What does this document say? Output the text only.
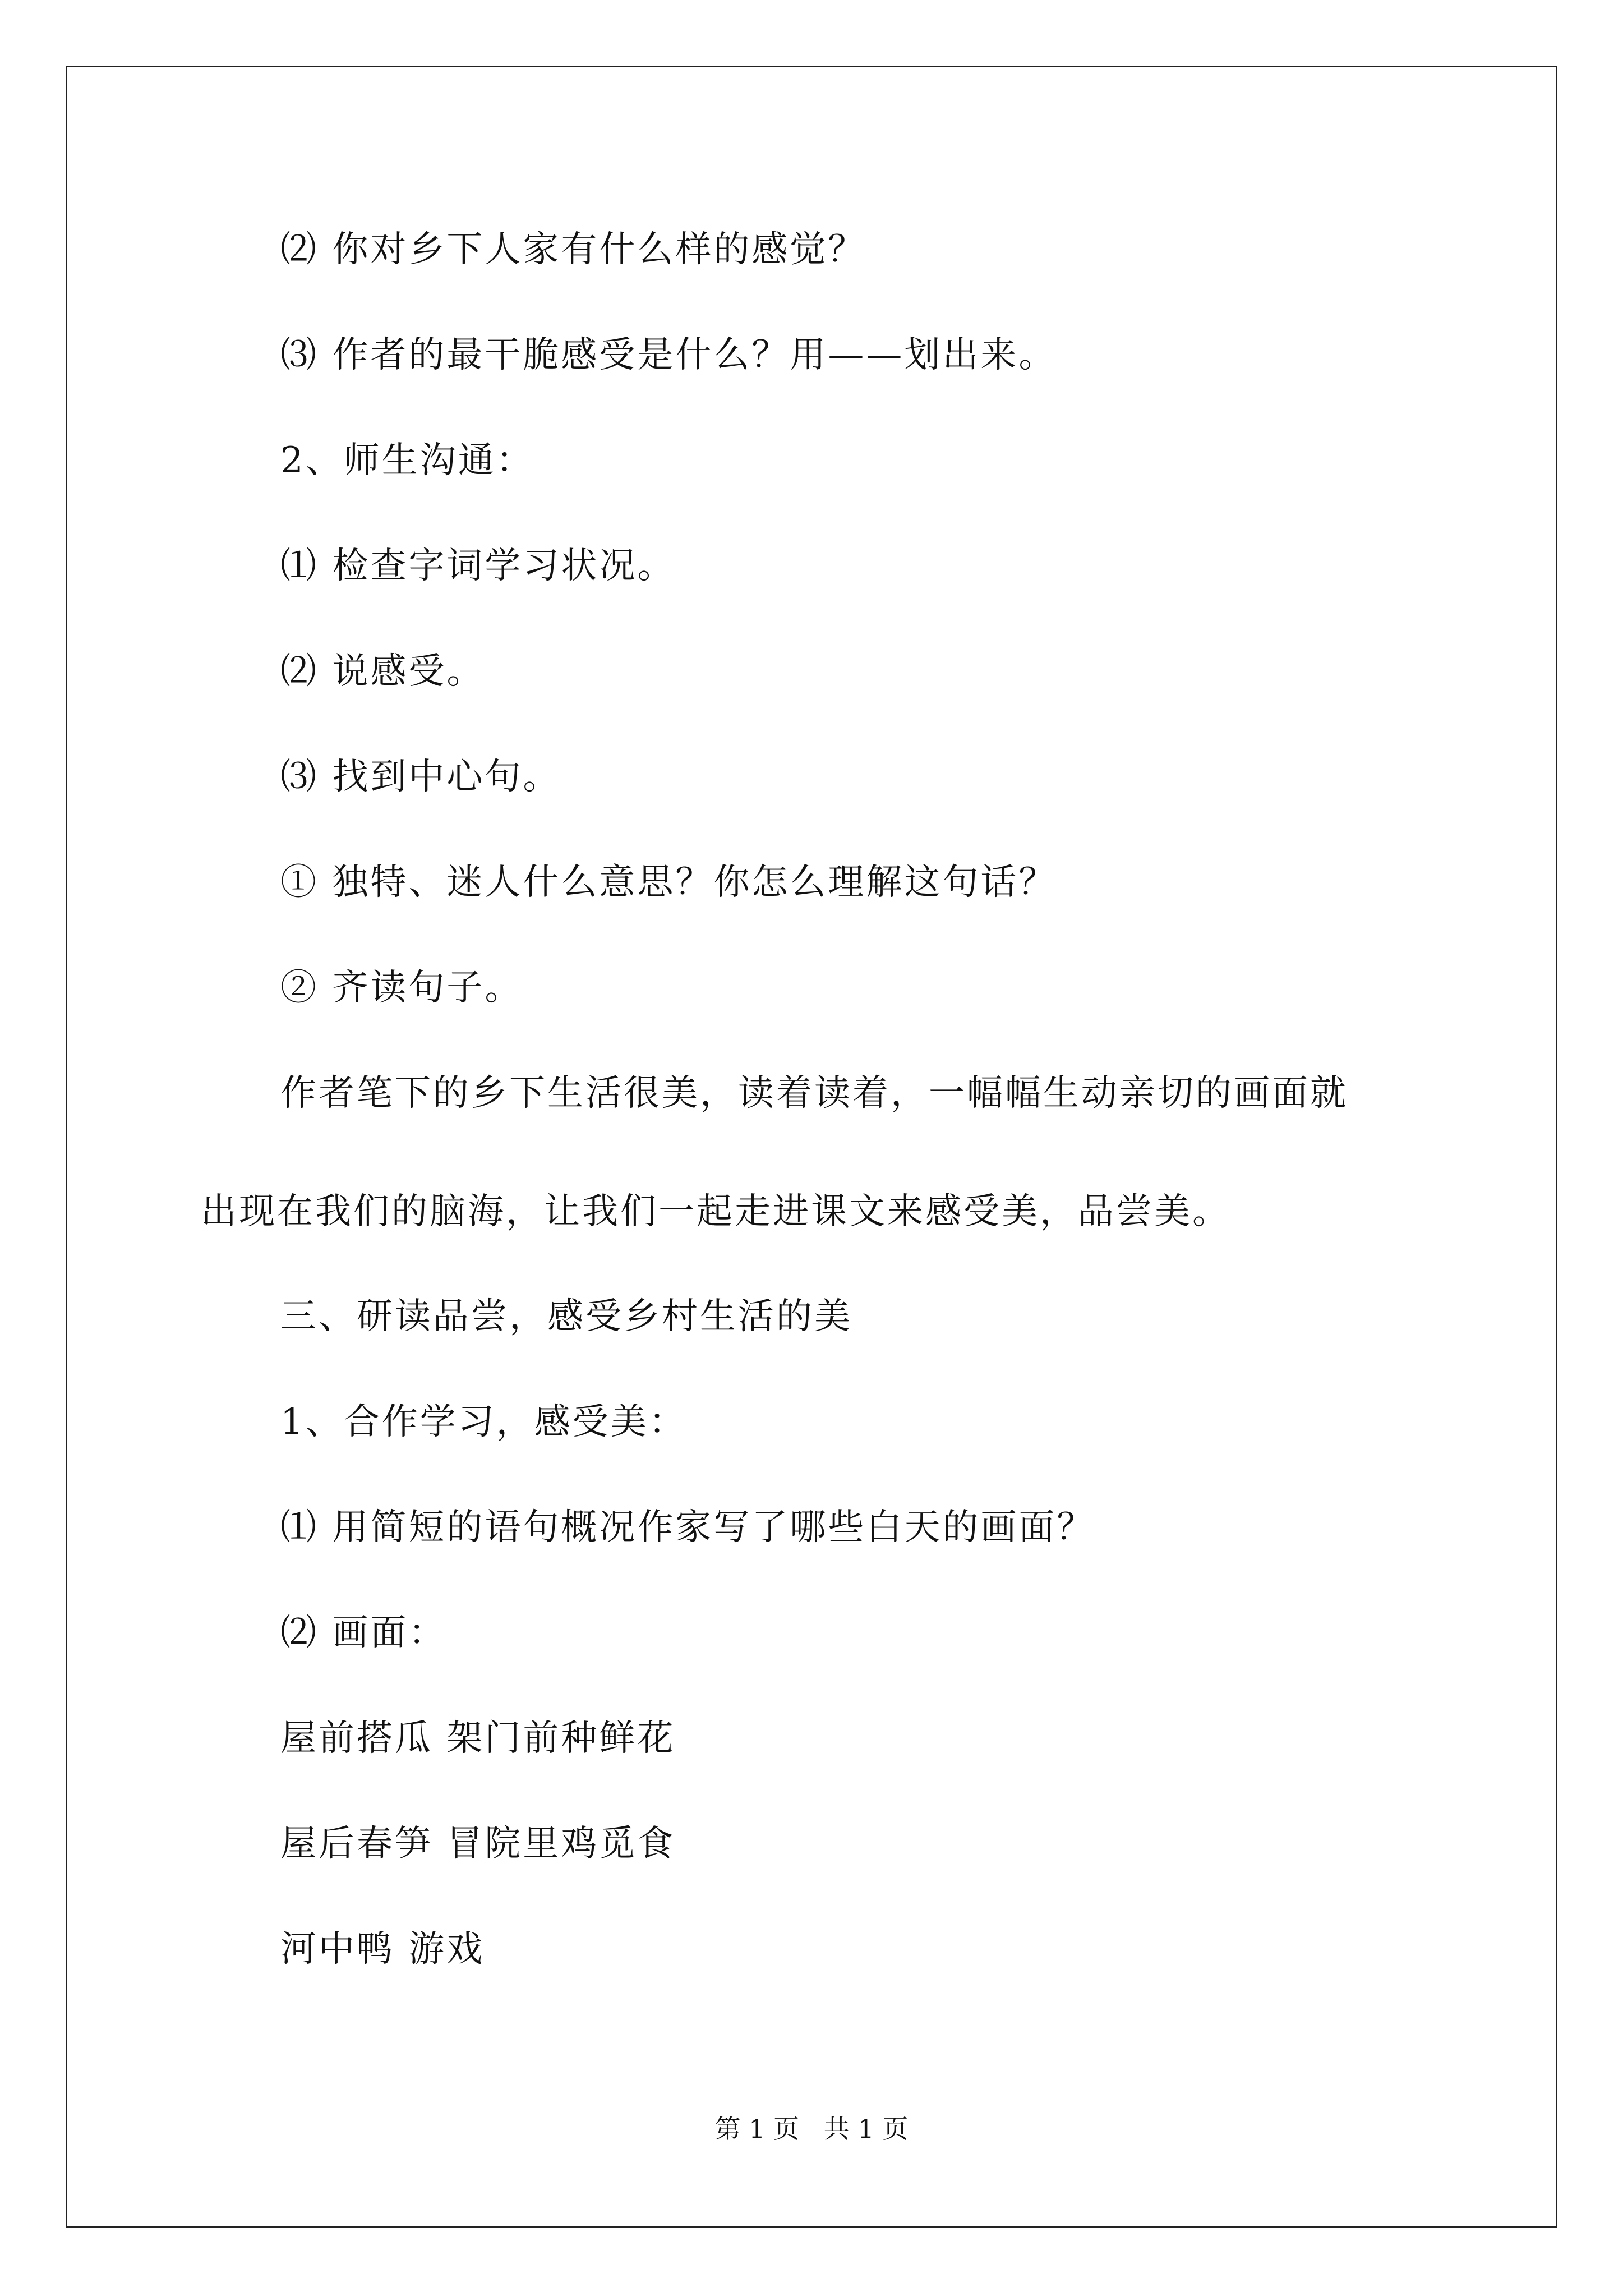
⑵ 你对乡下人家有什么样的感觉？
⑶ 作者的最干脆感受是什么？用——划出来。
2、师生沟通：
⑴ 检查字词学习状况。
⑵ 说感受。
⑶ 找到中心句。
① 独特、迷人什么意思？你怎么理解这句话？
② 齐读句子。
作者笔下的乡下生活很美，读着读着，一幅幅生动亲切的画面就
出现在我们的脑海，让我们一起走进课文来感受美，品尝美。
三、研读品尝，感受乡村生活的美
1、合作学习，感受美：
⑴ 用简短的语句概况作家写了哪些白天的画面？
⑵ 画面：
屋前搭瓜 架门前种鲜花
屋后春笋 冒院里鸡觅食
河中鸭 游戏
第 1 页   共 1 页
